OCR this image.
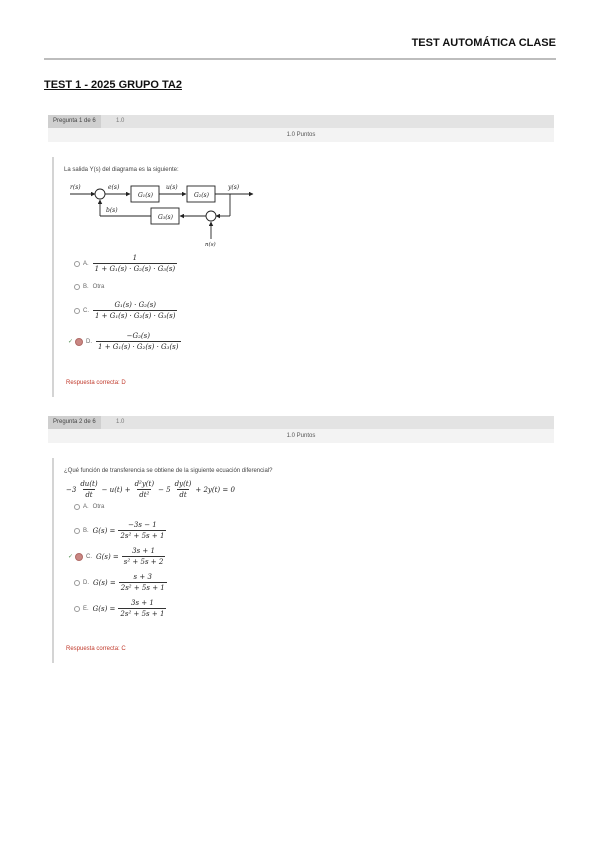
TEST AUTOMÁTICA CLASE
TEST 1 - 2025 GRUPO TA2
Pregunta 1 de 6	1.0
1.0 Puntos
La salida Y(s) del diagrama es la siguiente:
r(s)	e(s)
G₁(s)
u(s)
G₂(s)
y(s)
b(s)
G₃(s)
n(s)
A. $\frac{1}{\text{1 + G₁(s) · G₂(s) · G₃(s)}}$
B. Otra
C. $\frac{\text{G₁(s) · G₂(s)}}{\text{1 + G₁(s) · G₂(s) · G₃(s)}}$
✓ D. $\frac{\text{−G₂(s)}}{\text{1 + G₁(s) · G₂(s) · G₃(s)}}$
Respuesta correcta: D
Pregunta 2 de 6	1.0
1.0 Puntos
¿Qué función de transferencia se obtiene de la siguiente ecuación diferencial?
$-3 \frac{du(t)}{dt} - u(t) + \frac{\text{d²y(t)}}{\text{dt²}} - 5 \frac{dy(t)}{dt} + 2y(t) = 0$
A. Otra
B. $G(s) = \frac{-3s - 1}{\text{2s² + 5s + 1}}$
✓ C. $G(s) = \frac{3s + 1}{\text{s² + 5s + 2}}$
D. $G(s) = \frac{s + 3}{\text{2s² + 5s + 1}}$
E. $G(s) = \frac{3s + 1}{\text{2s² + 5s + 1}}$
Respuesta correcta: C
